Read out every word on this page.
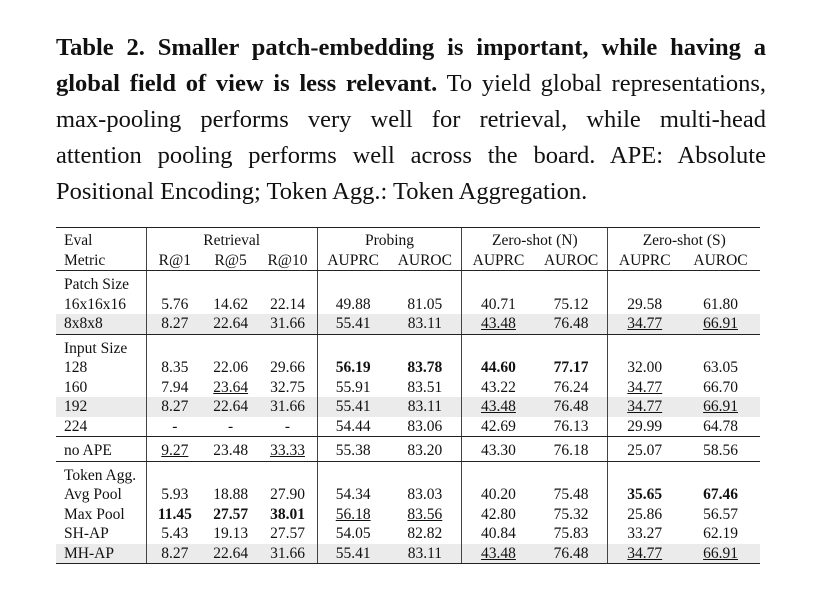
Table 2. Smaller patch-embedding is important, while having a global field of view is less relevant. To yield global representations, max-pooling performs very well for retrieval, while multi-head attention pooling performs well across the board. APE: Absolute Positional Encoding; Token Agg.: Token Aggregation.
Eval	Retrieval			Probing		Zero-shot (N)		Zero-shot (S)	
Metric	R@1	R@5	R@10	AUPRC	AUROC	AUPRC	AUROC	AUPRC	AUROC
Patch Size									
16x16x16	5.76	14.62	22.14	49.88	81.05	40.71	75.12	29.58	61.80
8x8x8	8.27	22.64	31.66	55.41	83.11	43.48	76.48	34.77	66.91
Input Size									
128	8.35	22.06	29.66	56.19	83.78	44.60	77.17	32.00	63.05
160	7.94	23.64	32.75	55.91	83.51	43.22	76.24	34.77	66.70
192	8.27	22.64	31.66	55.41	83.11	43.48	76.48	34.77	66.91
224	-	-	-	54.44	83.06	42.69	76.13	29.99	64.78
no APE	9.27	23.48	33.33	55.38	83.20	43.30	76.18	25.07	58.56
Token Agg.									
Avg Pool	5.93	18.88	27.90	54.34	83.03	40.20	75.48	35.65	67.46
Max Pool	11.45	27.57	38.01	56.18	83.56	42.80	75.32	25.86	56.57
SH-AP	5.43	19.13	27.57	54.05	82.82	40.84	75.83	33.27	62.19
MH-AP	8.27	22.64	31.66	55.41	83.11	43.48	76.48	34.77	66.91
